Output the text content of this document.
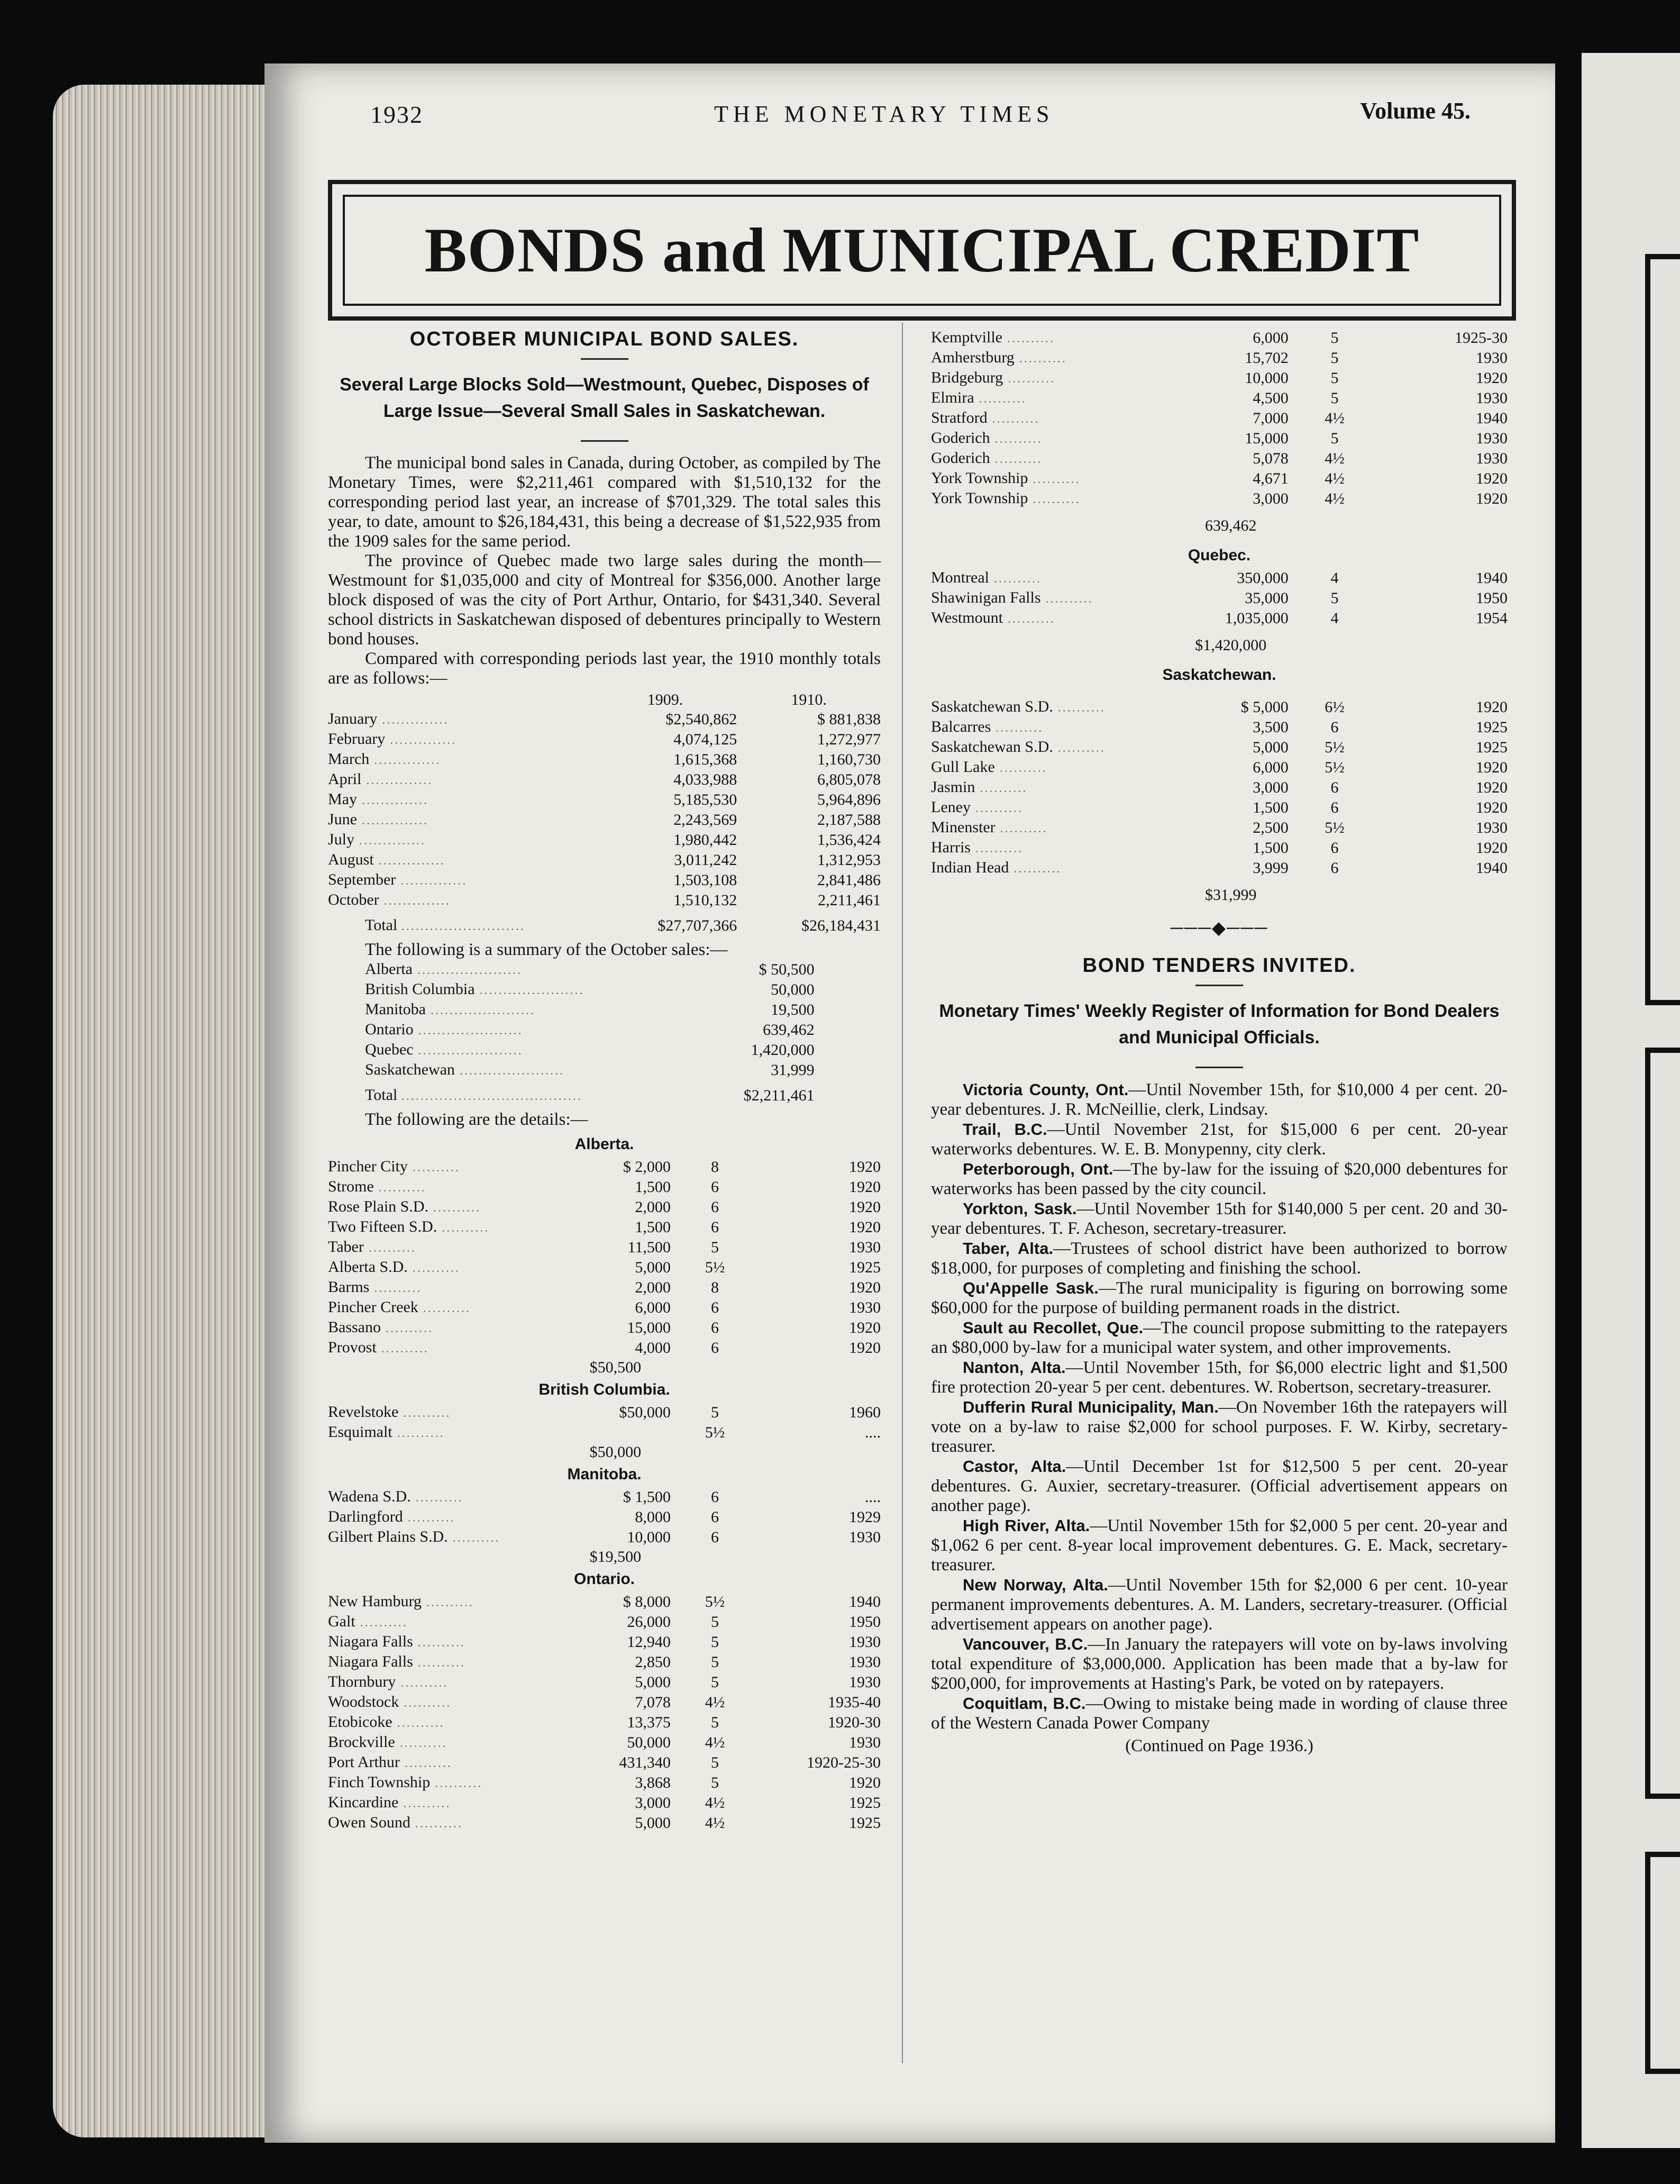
1932	THE MONETARY TIMES	Volume 45.
BONDS and MUNICIPAL CREDIT
OCTOBER MUNICIPAL BOND SALES.
Several Large Blocks Sold—Westmount, Quebec, Disposes of Large Issue—Several Small Sales in Saskatchewan.

The municipal bond sales in Canada, during October, as compiled by The Monetary Times, were $2,211,461 compared with $1,510,132 for the corresponding period last year, an increase of $701,329. The total sales this year, to date, amount to $26,184,431, this being a decrease of $1,522,935 from the 1909 sales for the same period.

The province of Quebec made two large sales during the month—Westmount for $1,035,000 and city of Montreal for $356,000. Another large block disposed of was the city of Port Arthur, Ontario, for $431,340. Several school districts in Saskatchewan disposed of debentures principally to Western bond houses.

Compared with corresponding periods last year, the 1910 monthly totals are as follows:—

	1909.	1910.
January ..............	$2,540,862	$ 881,838
February ..............	4,074,125	1,272,977
March ..............	1,615,368	1,160,730
April ..............	4,033,988	6,805,078
May ..............	5,185,530	5,964,896
June ..............	2,243,569	2,187,588
July ..............	1,980,442	1,536,424
August ..............	3,011,242	1,312,953
September ..............	1,503,108	2,841,486
October ..............	1,510,132	2,211,461
Total ..........................	$27,707,366	$26,184,431

The following is a summary of the October sales:—

Alberta ......................	$ 50,500	
British Columbia ......................	50,000	
Manitoba ......................	19,500	
Ontario ......................	639,462	
Quebec ......................	1,420,000	
Saskatchewan ......................	31,999	
Total ......................................	$2,211,461	

The following are the details:—

Alberta.			
Pincher City ..........	$ 2,000	8	1920
Strome ..........	1,500	6	1920
Rose Plain S.D. ..........	2,000	6	1920
Two Fifteen S.D. ..........	1,500	6	1920
Taber ..........	11,500	5	1930
Alberta S.D. ..........	5,000	5½	1925
Barms ..........	2,000	8	1920
Pincher Creek ..........	6,000	6	1930
Bassano ..........	15,000	6	1920
Provost ..........	4,000	6	1920
	$50,500		
British Columbia.			
Revelstoke ..........	$50,000	5	1960
Esquimalt ..........		5½	....
	$50,000		
Manitoba.			
Wadena S.D. ..........	$ 1,500	6	....
Darlingford ..........	8,000	6	1929
Gilbert Plains S.D. ..........	10,000	6	1930
	$19,500		
Ontario.			
New Hamburg ..........	$ 8,000	5½	1940
Galt ..........	26,000	5	1950
Niagara Falls ..........	12,940	5	1930
Niagara Falls ..........	2,850	5	1930
Thornbury ..........	5,000	5	1930
Woodstock ..........	7,078	4½	1935-40
Etobicoke ..........	13,375	5	1920-30
Brockville ..........	50,000	4½	1930
Port Arthur ..........	431,340	5	1920-25-30
Finch Township ..........	3,868	5	1920
Kincardine ..........	3,000	4½	1925
Owen Sound ..........	5,000	4½	1925
Kemptville ..........	6,000	5	1925-30
Amherstburg ..........	15,702	5	1930
Bridgeburg ..........	10,000	5	1920
Elmira ..........	4,500	5	1930
Stratford ..........	7,000	4½	1940
Goderich ..........	15,000	5	1930
Goderich ..........	5,078	4½	1930
York Township ..........	4,671	4½	1920
York Township ..........	3,000	4½	1920
	639,462		
Quebec.			
Montreal ..........	350,000	4	1940
Shawinigan Falls ..........	35,000	5	1950
Westmount ..........	1,035,000	4	1954
	$1,420,000		
Saskatchewan.			
Saskatchewan S.D. ..........	$ 5,000	6½	1920
Balcarres ..........	3,500	6	1925
Saskatchewan S.D. ..........	5,000	5½	1925
Gull Lake ..........	6,000	5½	1920
Jasmin ..........	3,000	6	1920
Leney ..........	1,500	6	1920
Minenster ..........	2,500	5½	1930
Harris ..........	1,500	6	1920
Indian Head ..........	3,999	6	1940
	$31,999		
───◆───
BOND TENDERS INVITED.
Monetary Times' Weekly Register of Information for Bond Dealers and Municipal Officials.

Victoria County, Ont.—Until November 15th, for $10,000 4 per cent. 20-year debentures. J. R. McNeillie, clerk, Lindsay.

Trail, B.C.—Until November 21st, for $15,000 6 per cent. 20-year waterworks debentures. W. E. B. Monypenny, city clerk.

Peterborough, Ont.—The by-law for the issuing of $20,000 debentures for waterworks has been passed by the city council.

Yorkton, Sask.—Until November 15th for $140,000 5 per cent. 20 and 30-year debentures. T. F. Acheson, secretary-treasurer.

Taber, Alta.—Trustees of school district have been authorized to borrow $18,000, for purposes of completing and finishing the school.

Qu'Appelle Sask.—The rural municipality is figuring on borrowing some $60,000 for the purpose of building permanent roads in the district.

Sault au Recollet, Que.—The council propose submitting to the ratepayers an $80,000 by-law for a municipal water system, and other improvements.

Nanton, Alta.—Until November 15th, for $6,000 electric light and $1,500 fire protection 20-year 5 per cent. debentures. W. Robertson, secretary-treasurer.

Dufferin Rural Municipality, Man.—On November 16th the ratepayers will vote on a by-law to raise $2,000 for school purposes. F. W. Kirby, secretary-treasurer.

Castor, Alta.—Until December 1st for $12,500 5 per cent. 20-year debentures. G. Auxier, secretary-treasurer. (Official advertisement appears on another page).

High River, Alta.—Until November 15th for $2,000 5 per cent. 20-year and $1,062 6 per cent. 8-year local improvement debentures. G. E. Mack, secretary-treasurer.

New Norway, Alta.—Until November 15th for $2,000 6 per cent. 10-year permanent improvements debentures. A. M. Landers, secretary-treasurer. (Official advertisement appears on another page).

Vancouver, B.C.—In January the ratepayers will vote on by-laws involving total expenditure of $3,000,000. Application has been made that a by-law for $200,000, for improvements at Hasting's Park, be voted on by ratepayers.

Coquitlam, B.C.—Owing to mistake being made in wording of clause three of the Western Canada Power Company

(Continued on Page 1936.)
